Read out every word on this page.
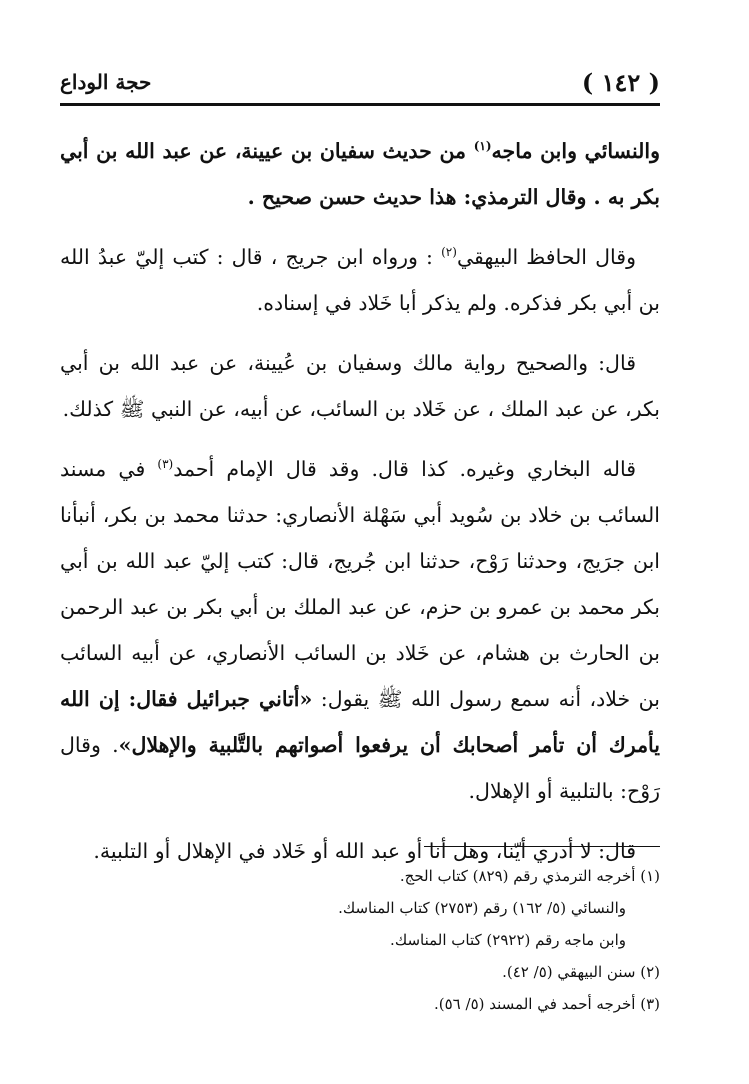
( ١٤٢ )
حجة الوداع

والنسائي وابن ماجه$^{(١)}$ من حديث سفيان بن عيينة، عن عبد الله بن أبي بكر به . وقال الترمذي: هذا حديث حسن صحيح .

وقال الحافظ البيهقي$^{(٢)}$ : ورواه ابن جريج ، قال : كتب إليّ عبدُ الله بن أبي بكر فذكره. ولم يذكر أبا خَلاد في إسناده.

قال: والصحيح رواية مالك وسفيان بن عُيينة، عن عبد الله بن أبي بكر، عن عبد الملك ، عن خَلاد بن السائب، عن أبيه، عن النبي ﷺ كذلك.

قاله البخاري وغيره. كذا قال. وقد قال الإمام أحمد$^{(٣)}$ في مسند السائب بن خلاد بن سُويد أبي سَهْلة الأنصاري: حدثنا محمد بن بكر، أنبأنا ابن جرَيج، وحدثنا رَوْح، حدثنا ابن جُريج، قال: كتب إليّ عبد الله بن أبي بكر محمد بن عمرو بن حزم، عن عبد الملك بن أبي بكر بن عبد الرحمن بن الحارث بن هشام، عن خَلاد بن السائب الأنصاري، عن أبيه السائب بن خلاد، أنه سمع رسول الله ﷺ يقول: «أتاني جبرائيل فقال: إن الله يأمرك أن تأمر أصحابك أن يرفعوا أصواتهم بالتَّلبية والإهلال». وقال رَوْح: بالتلبية أو الإهلال.

قال: لا أدري أيّنا، وهل أنا أو عبد الله أو خَلاد في الإهلال أو التلبية.

(١) أخرجه الترمذي رقم (٨٢٩) كتاب الحج.

والنسائي (٥/ ١٦٢) رقم (٢٧٥٣) كتاب المناسك.

وابن ماجه رقم (٢٩٢٢) كتاب المناسك.

(٢) سنن البيهقي (٥/ ٤٢).

(٣) أخرجه أحمد في المسند (٥/ ٥٦).
